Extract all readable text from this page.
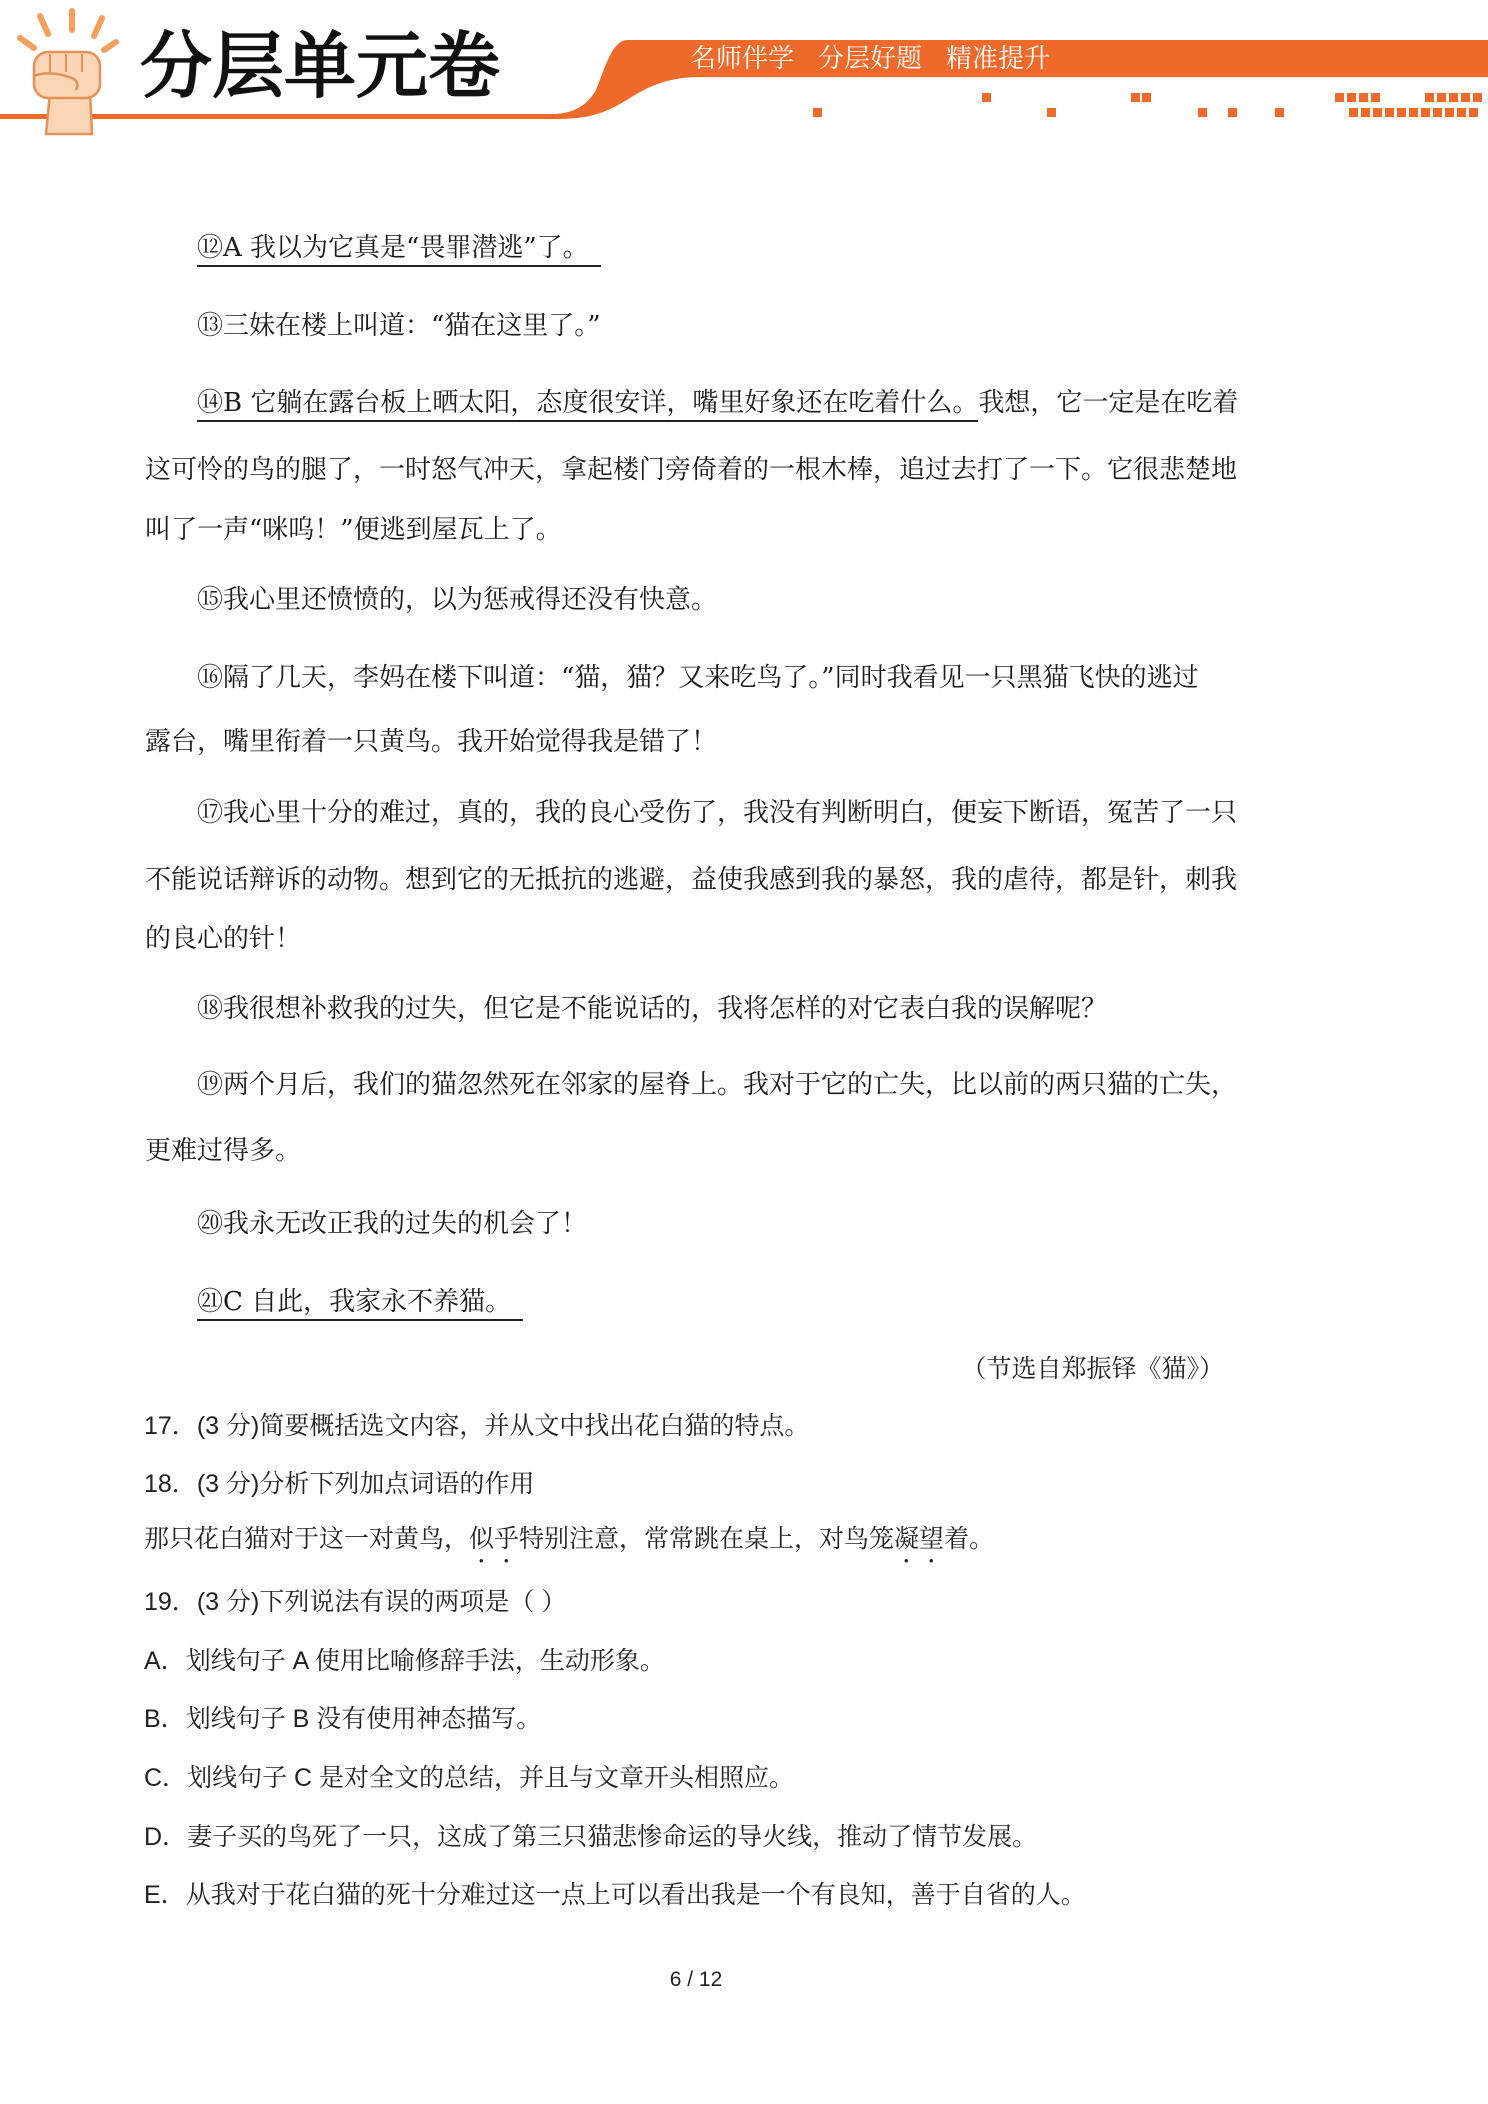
分层单元卷	名师伴学 分层好题 精准提升
⑫A 我以为它真是“畏罪潜逃”了。
⑬三妹在楼上叫道：“猫在这里了。”
⑭B 它躺在露台板上晒太阳，态度很安详，嘴里好象还在吃着什么。我想，它一定是在吃着
这可怜的鸟的腿了，一时怒气冲天，拿起楼门旁倚着的一根木棒，追过去打了一下。它很悲楚地
叫了一声“咪呜！”便逃到屋瓦上了。
⑮我心里还愤愤的，以为惩戒得还没有快意。
⑯隔了几天，李妈在楼下叫道：“猫，猫？又来吃鸟了。”同时我看见一只黑猫飞快的逃过
露台，嘴里衔着一只黄鸟。我开始觉得我是错了！
⑰我心里十分的难过，真的，我的良心受伤了，我没有判断明白，便妄下断语，冤苦了一只
不能说话辩诉的动物。想到它的无抵抗的逃避，益使我感到我的暴怒，我的虐待，都是针，刺我
的良心的针！
⑱我很想补救我的过失，但它是不能说话的，我将怎样的对它表白我的误解呢？
⑲两个月后，我们的猫忽然死在邻家的屋脊上。我对于它的亡失，比以前的两只猫的亡失，
更难过得多。
⑳我永无改正我的过失的机会了！
㉑C 自此，我家永不养猫。
（节选自郑振铎《猫》）
17．(3 分)简要概括选文内容，并从文中找出花白猫的特点。
18．(3 分)分析下列加点词语的作用
那只花白猫对于这一对黄鸟，似乎特别注意，常常跳在桌上，对鸟笼凝望着。
19．(3 分)下列说法有误的两项是（ ）
A．划线句子 A 使用比喻修辞手法，生动形象。
B．划线句子 B 没有使用神态描写。
C．划线句子 C 是对全文的总结，并且与文章开头相照应。
D．妻子买的鸟死了一只，这成了第三只猫悲惨命运的导火线，推动了情节发展。
E．从我对于花白猫的死十分难过这一点上可以看出我是一个有良知，善于自省的人。
6 / 12
